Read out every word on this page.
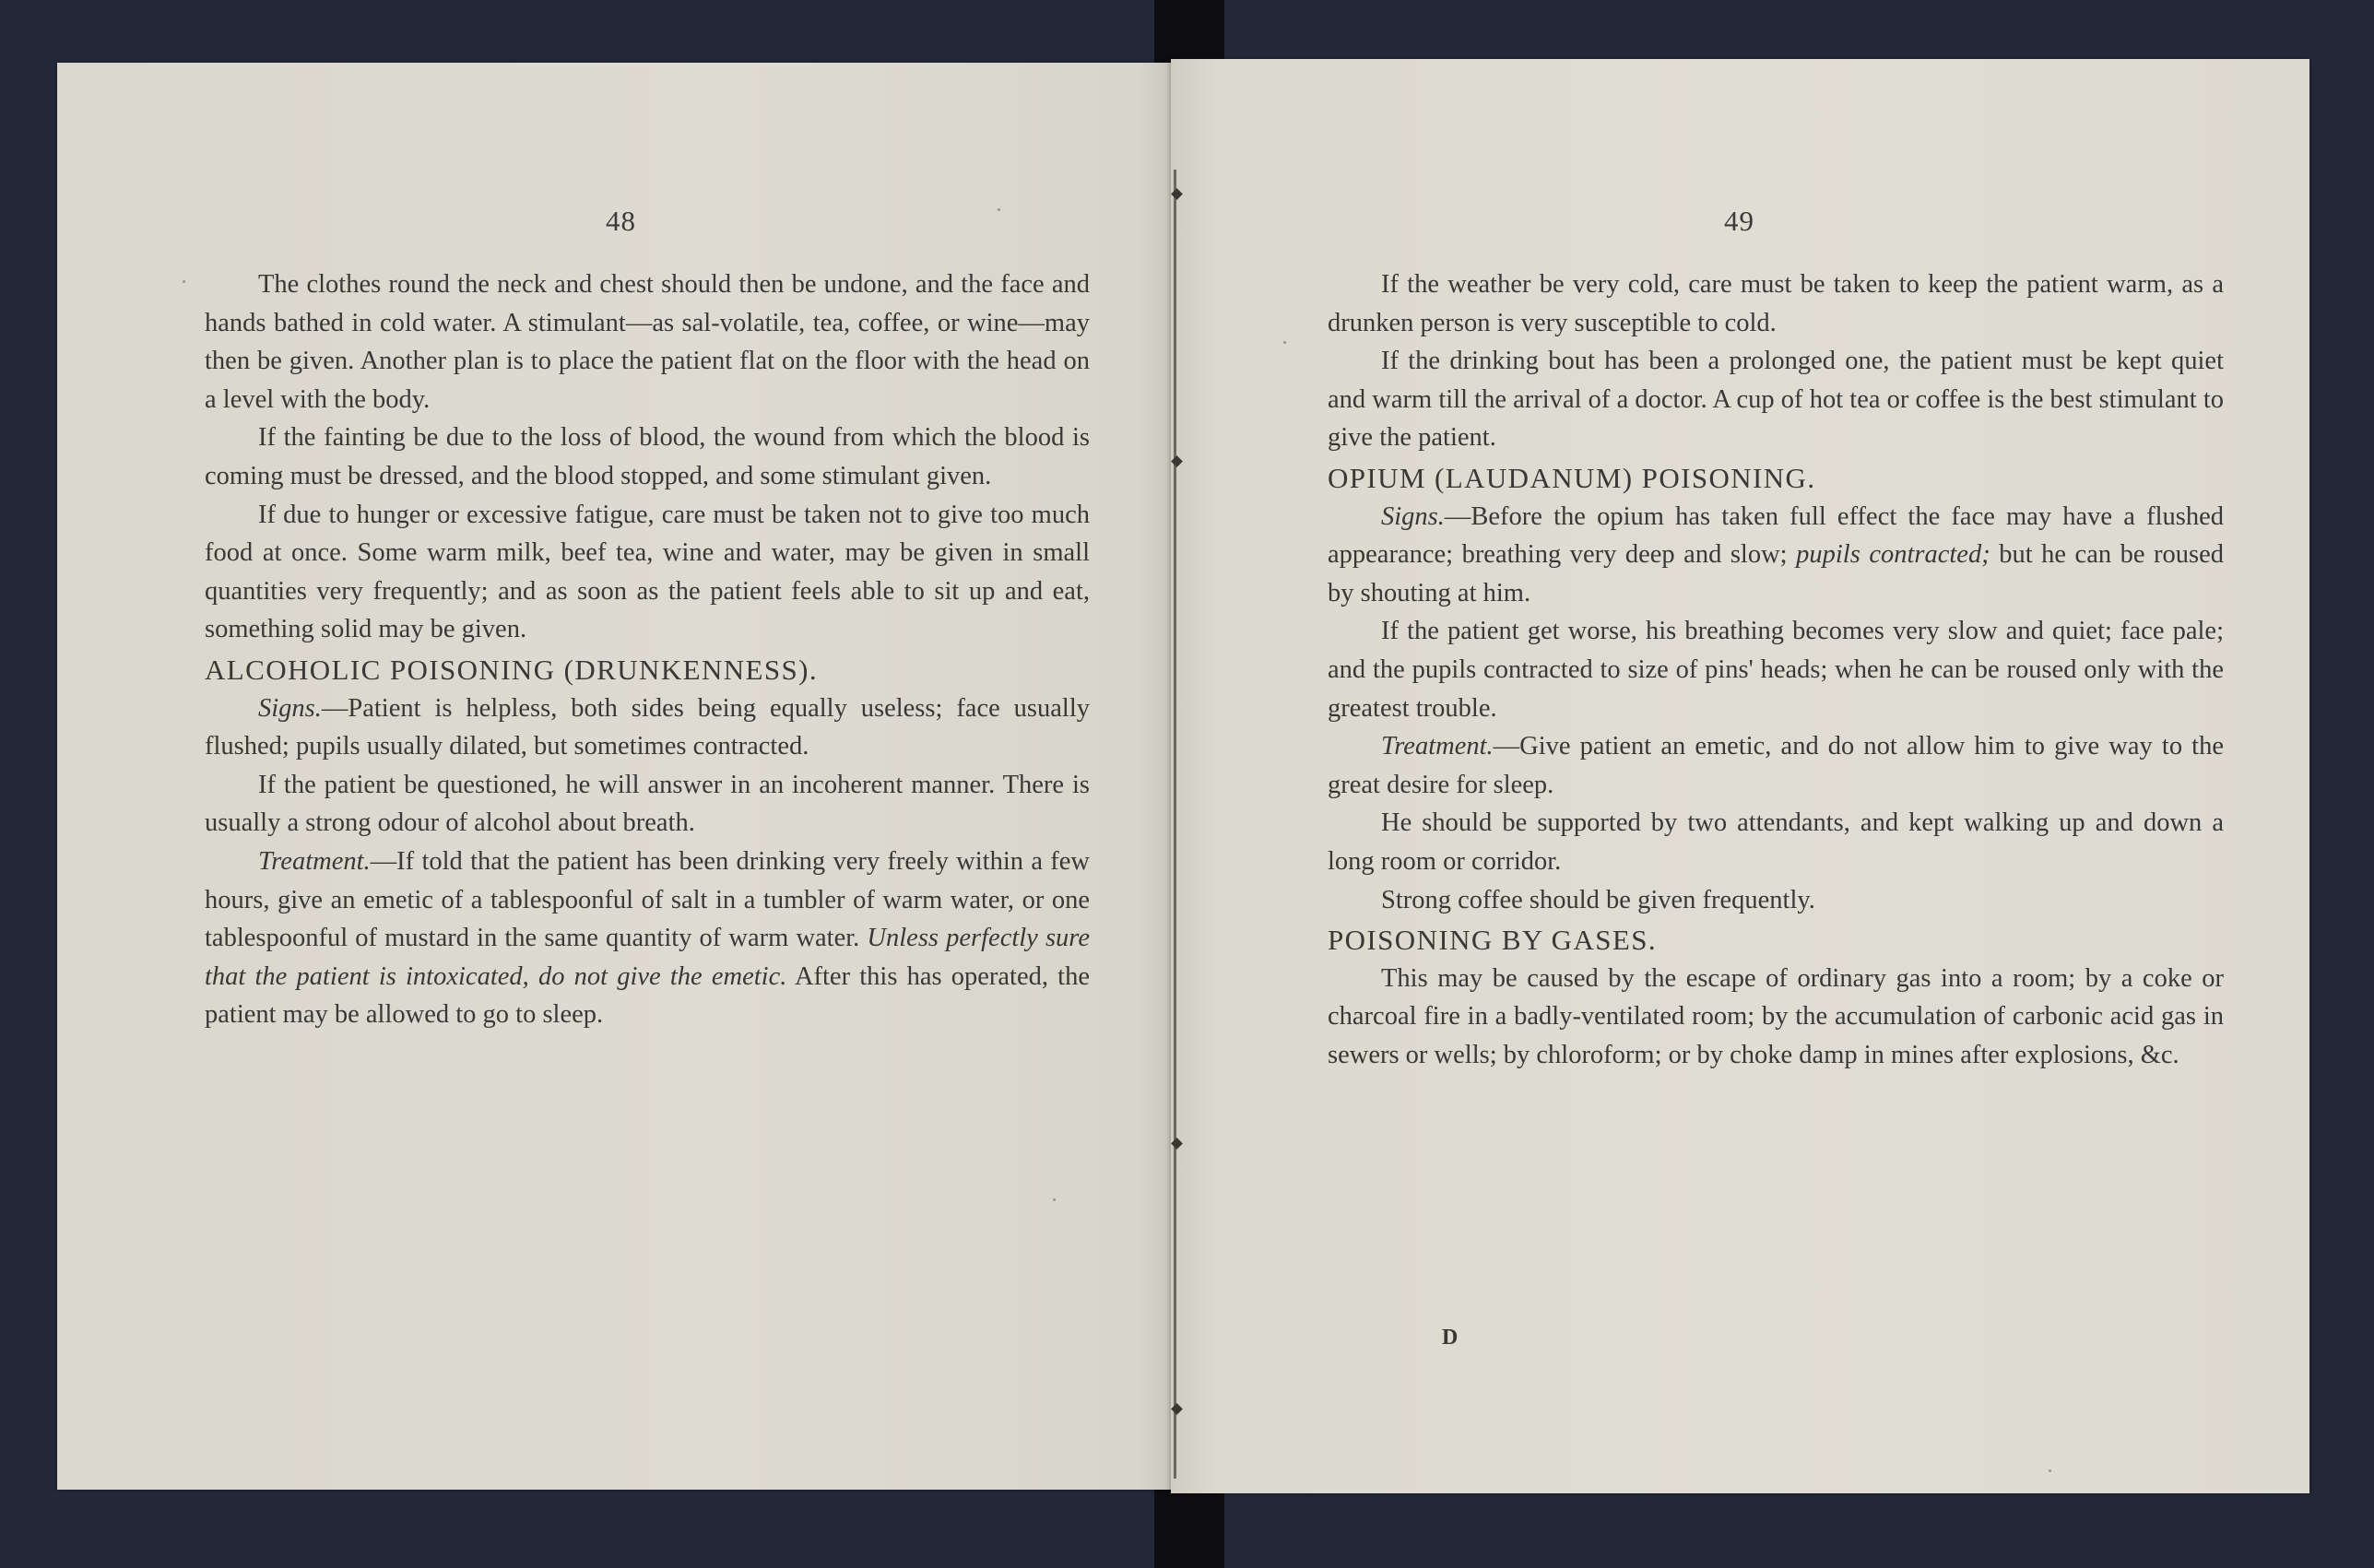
48

The clothes round the neck and chest should then be undone, and the face and hands bathed in cold water. A stimulant—as sal-volatile, tea, coffee, or wine—may then be given. Another plan is to place the patient flat on the floor with the head on a level with the body.

If the fainting be due to the loss of blood, the wound from which the blood is coming must be dressed, and the blood stopped, and some stimulant given.

If due to hunger or excessive fatigue, care must be taken not to give too much food at once. Some warm milk, beef tea, wine and water, may be given in small quantities very frequently; and as soon as the patient feels able to sit up and eat, something solid may be given.

ALCOHOLIC POISONING (DRUNKENNESS).

Signs.—Patient is helpless, both sides being equally useless; face usually flushed; pupils usually dilated, but sometimes contracted.

If the patient be questioned, he will answer in an incoherent manner. There is usually a strong odour of alcohol about breath.

Treatment.—If told that the patient has been drinking very freely within a few hours, give an emetic of a tablespoonful of salt in a tumbler of warm water, or one tablespoonful of mustard in the same quantity of warm water. Unless perfectly sure that the patient is intoxicated, do not give the emetic. After this has operated, the patient may be allowed to go to sleep.

49

If the weather be very cold, care must be taken to keep the patient warm, as a drunken person is very susceptible to cold.

If the drinking bout has been a prolonged one, the patient must be kept quiet and warm till the arrival of a doctor. A cup of hot tea or coffee is the best stimulant to give the patient.

OPIUM (LAUDANUM) POISONING.

Signs.—Before the opium has taken full effect the face may have a flushed appearance; breathing very deep and slow; pupils contracted; but he can be roused by shouting at him.

If the patient get worse, his breathing becomes very slow and quiet; face pale; and the pupils contracted to size of pins' heads; when he can be roused only with the greatest trouble.

Treatment.—Give patient an emetic, and do not allow him to give way to the great desire for sleep.

He should be supported by two attendants, and kept walking up and down a long room or corridor.

Strong coffee should be given frequently.

POISONING BY GASES.

This may be caused by the escape of ordinary gas into a room; by a coke or charcoal fire in a badly-ventilated room; by the accumulation of carbonic acid gas in sewers or wells; by chloroform; or by choke damp in mines after explosions, &c.

D
